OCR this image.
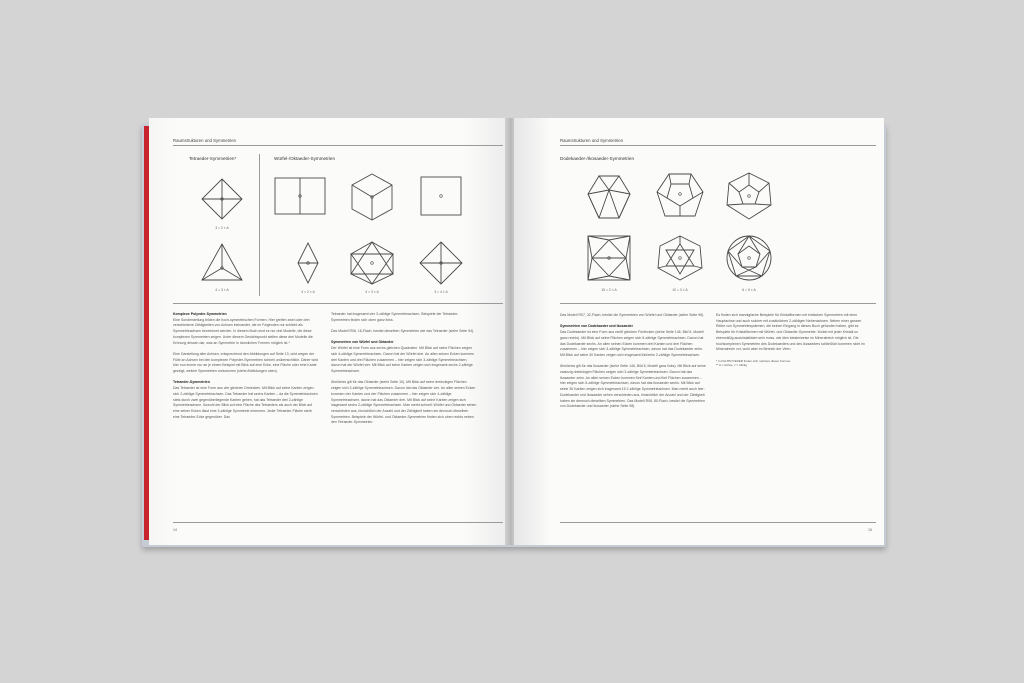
Raumstrukturen und Symmetrien
Tetraeder-Symmetrien*	Würfel-/Oktaeder-Symmetrien
3 = 2 × A
4 = 3 × A	4 = 2 × A	4 = 3 × A	3 = 4 × A
Komplexe Polyeder-Symmetrien
Eine Sonderstellung bilden die hoch-symmetrischen Formen. Hier greifen zwei oder drei verschiedene Zähligkeiten von Achsen ineinander, die im Folgenden nur schlicht als Symmetrieachsen bezeichnet werden. In diesem Buch sind es nur drei Modelle, die diese komplexen Symmetrien zeigen. Unter diesem Gesichtspunkt stellen diese drei Modelle die Krönung dessen dar, was an Symmetrie in räumlichen Formen möglich ist.*
Eine Darstellung aller Achsen, entsprechend den Abbildungen auf Seite 13, wird wegen der Fülle an Achsen bei den komplexen Polyeder-Symmetrien schnell unübersichtlich. Daher wird hier nun immer nur an je einem Beispiel mit Blick auf eine Ecke, eine Fläche oder eine Kante gezeigt, welche Symmetrien vorkommen (siehe Abbildungen oben).
Tetraeder-Symmetrien
Das Tetraeder ist eine Form aus vier gleichen Dreiecken. Mit Blick auf seine Kanten zeigen sich 2-zählige Symmetrieachsen. Das Tetraeder hat sechs Kanten – da die Symmetrieachsen stets durch zwei gegenüberliegende Kanten gehen, hat das Tetraeder drei 2-zählige Symmetrieachsen. Sowohl der Blick auf eine Fläche des Tetraeders als auch der Blick auf eine seiner Ecken lässt eine 3-zählige Symmetrie erkennen. Jeder Tetraeder-Fläche steht eine Tetraeder-Ecke gegenüber. Das
Tetraeder hat insgesamt vier 3-zählige Symmetrieachsen. Beispiele der Tetraeder-Symmetrien finden sich oben ganz links.
Das Modell R06, 16-Flach, besitzt dieselben Symmetrien wie das Tetraeder (siehe Seite 94).
Symmetrien von Würfel und Oktaeder
Der Würfel ist eine Form aus sechs gleichen Quadraten. Mit Blick auf seine Flächen zeigen sich 4-zählige Symmetrieachsen. Davon hat der Würfel drei. An allen seinen Ecken kommen drei Kanten und drei Flächen zusammen – hier zeigen sich 3-zählige Symmetrieachsen, davon hat der Würfel vier. Mit Blick auf seine Kanten zeigen sich insgesamt sechs 2-zählige Symmetrieachsen.
Ähnliches gilt für das Oktaeder (siehe Seite 10). Mit Blick auf seine dreieckigen Flächen zeigen sich 3-zählige Symmetrieachsen. Davon hat das Oktaeder vier. An allen seinen Ecken kommen vier Kanten und vier Flächen zusammen – hier zeigen sich 4-zählige Symmetrieachsen, davon hat das Oktaeder drei. Mit Blick auf seine Kanten zeigen sich insgesamt sechs 2-zählige Symmetrieachsen. Man merkt schnell: Würfel und Oktaeder sehen verschieden aus, hinsichtlich der Anzahl und der Zähligkeit haben sie dennoch dieselben Symmetrien. Beispiele der Würfel- und Oktaeder-Symmetrien finden sich oben rechts neben den Tetraeder-Symmetrien.
14
Raumstrukturen und Symmetrien
Dodekaeder-/Ikosaeder-Symmetrien
15 = 2 × A	10 = 3 × A	6 = 5 × A
Das Modell R07, 32-Flach, besitzt die Symmetrien von Würfel und Oktaeder (siehe Seite 96).
Symmetrien von Dodekaeder und Ikosaeder
Das Dodekaeder ist eine Form aus zwölf gleichen Fünfecken (siehe Seite 146, Bild 5, Modell ganz rechts). Mit Blick auf seine Flächen zeigen sich 5-zählige Symmetrieachsen. Davon hat das Dodekaeder sechs. An allen seinen Ecken kommen drei Kanten und drei Flächen zusammen – hier zeigen sich 3-zählige Symmetrieachsen, davon hat das Dodekaeder zehn. Mit Blick auf seine 30 Kanten zeigen sich insgesamt fünfzehn 2-zählige Symmetrieachsen.
Ähnliches gilt für das Ikosaeder (siehe Seite 146, Bild 5, Modell ganz links). Mit Blick auf seine zwanzig dreieckigen Flächen zeigen sich 3-zählige Symmetrieachsen. Davon hat das Ikosaeder zehn. An allen seinen Ecken kommen fünf Kanten und fünf Flächen zusammen – hier zeigen sich 5-zählige Symmetrieachsen, davon hat das Ikosaeder sechs. Mit Blick auf seine 30 Kanten zeigen sich insgesamt 15 2-zählige Symmetrieachsen. Man merkt auch hier: Dodekaeder und Ikosaeder sehen verschieden aus, hinsichtlich der Anzahl und der Zähligkeit haben sie dennoch dieselben Symmetrien. Das Modell R08, 80-Flach, besitzt die Symmetrien von Dodekaeder und Ikosaeder (siehe Seite 98).
Es finden sich mannigfache Beispiele für Kristallformen mit einfachen Symmetrien mit einer Hauptachse und auch solcher mit zusätzlichen 2-zähligen Nebenachsen. Neben einer ganzen Reihe von Symmetriesystemen, die keinen Eingang in dieses Buch gefunden haben, gibt es Beispiele für Kristallformen mit Würfel- und Oktaeder-Symmetrie. Wobei mit jeder Kristall so ebenmäßig auskristallisiert sein muss, wie dies idealerweise im Mineralreich möglich ist. Die hochkomplexen Symmetrien des Dodekaeders und des Ikosaeders schließlich kommen nicht im Mineralreich vor, wohl aber im Bereich der Viren.
* In FALTPOYEDER finden sich mehrere dieser Formen.
** A = Achse, z = zählig
15
